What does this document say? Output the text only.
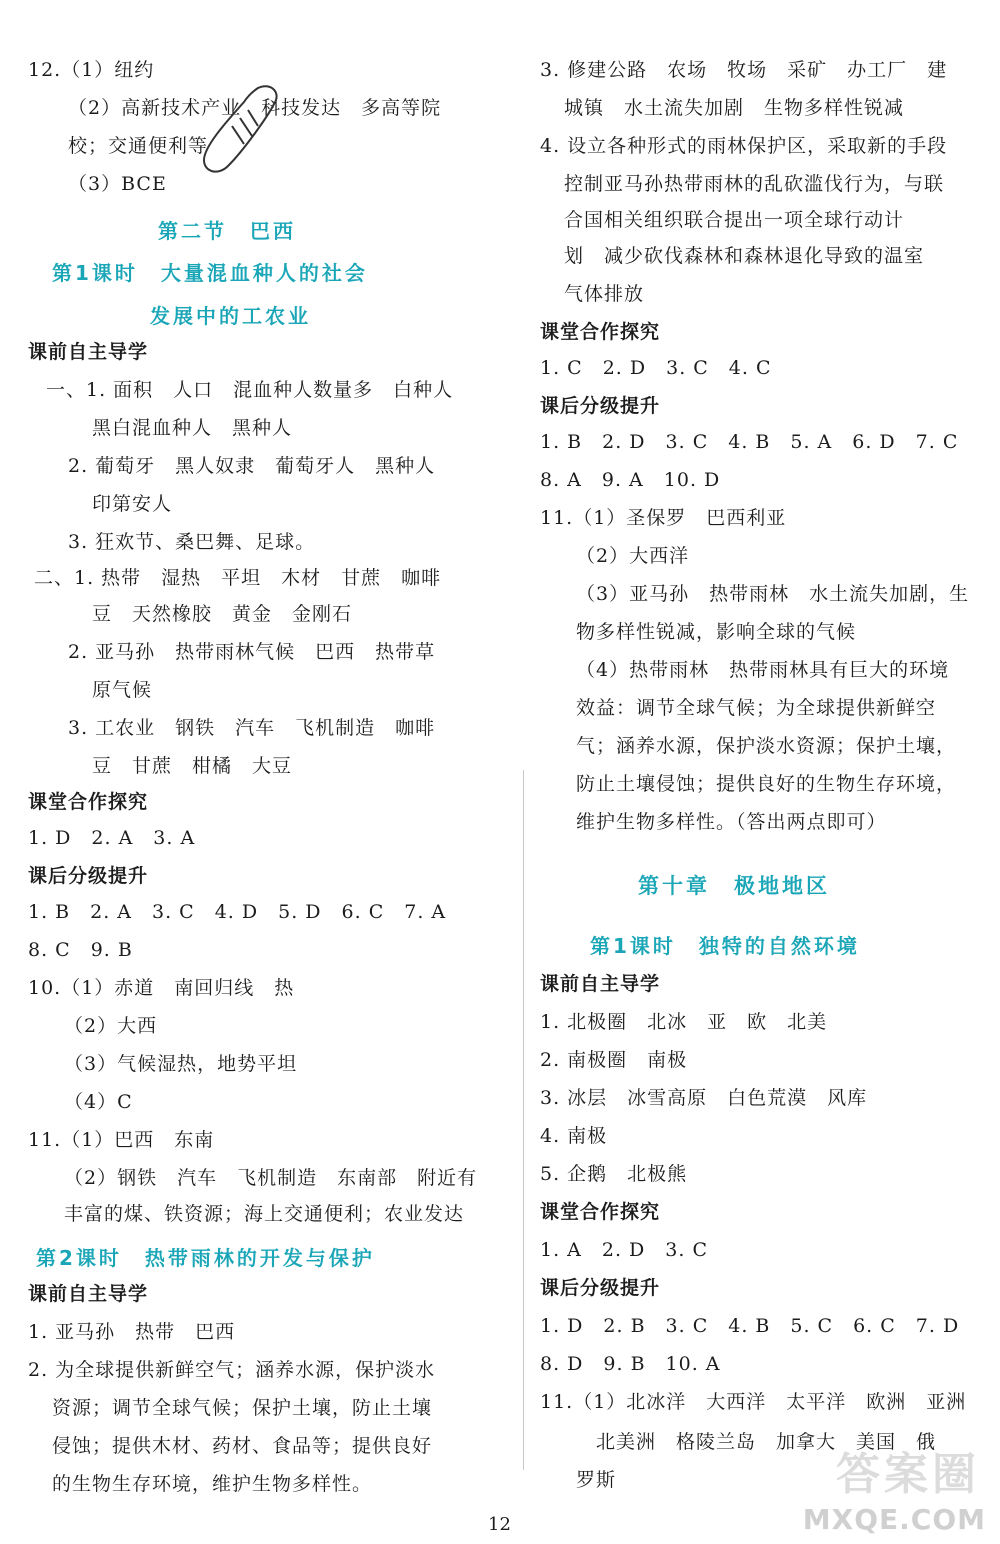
12.（1）纽约
（2）高新技术产业　科技发达　多高等院
校；交通便利等
（3）BCE
第二节　巴西
第1课时　大量混血种人的社会
发展中的工农业
课前自主导学
一、1. 面积　人口　混血种人数量多　白种人
黑白混血种人　黑种人
2. 葡萄牙　黑人奴隶　葡萄牙人　黑种人
印第安人
3. 狂欢节、桑巴舞、足球。
二、1. 热带　湿热　平坦　木材　甘蔗　咖啡
豆　天然橡胶　黄金　金刚石
2. 亚马孙　热带雨林气候　巴西　热带草
原气候
3. 工农业　钢铁　汽车　飞机制造　咖啡
豆　甘蔗　柑橘　大豆
课堂合作探究
1. D　2. A　3. A
课后分级提升
1. B　2. A　3. C　4. D　5. D　6. C　7. A
8. C　9. B
10.（1）赤道　南回归线　热
（2）大西
（3）气候湿热，地势平坦
（4）C
11.（1）巴西　东南
（2）钢铁　汽车　飞机制造　东南部　附近有
丰富的煤、铁资源；海上交通便利；农业发达
第2课时　热带雨林的开发与保护
课前自主导学
1. 亚马孙　热带　巴西
2. 为全球提供新鲜空气；涵养水源，保护淡水
资源；调节全球气候；保护土壤，防止土壤
侵蚀；提供木材、药材、食品等；提供良好
的生物生存环境，维护生物多样性。
3. 修建公路　农场　牧场　采矿　办工厂　建
城镇　水土流失加剧　生物多样性锐减
4. 设立各种形式的雨林保护区，采取新的手段
控制亚马孙热带雨林的乱砍滥伐行为，与联
合国相关组织联合提出一项全球行动计
划　减少砍伐森林和森林退化导致的温室
气体排放
课堂合作探究
1. C　2. D　3. C　4. C
课后分级提升
1. B　2. D　3. C　4. B　5. A　6. D　7. C
8. A　9. A　10. D
11.（1）圣保罗　巴西利亚
（2）大西洋
（3）亚马孙　热带雨林　水土流失加剧，生
物多样性锐减，影响全球的气候
（4）热带雨林　热带雨林具有巨大的环境
效益：调节全球气候；为全球提供新鲜空
气；涵养水源，保护淡水资源；保护土壤，
防止土壤侵蚀；提供良好的生物生存环境，
维护生物多样性。（答出两点即可）
第十章　极地地区
第1课时　独特的自然环境
课前自主导学
1. 北极圈　北冰　亚　欧　北美
2. 南极圈　南极
3. 冰层　冰雪高原　白色荒漠　风库
4. 南极
5. 企鹅　北极熊
课堂合作探究
1. A　2. D　3. C
课后分级提升
1. D　2. B　3. C　4. B　5. C　6. C　7. D
8. D　9. B　10. A
11.（1）北冰洋　大西洋　太平洋　欧洲　亚洲
北美洲　格陵兰岛　加拿大　美国　俄
罗斯
12
答案圈
MXQE.COM
